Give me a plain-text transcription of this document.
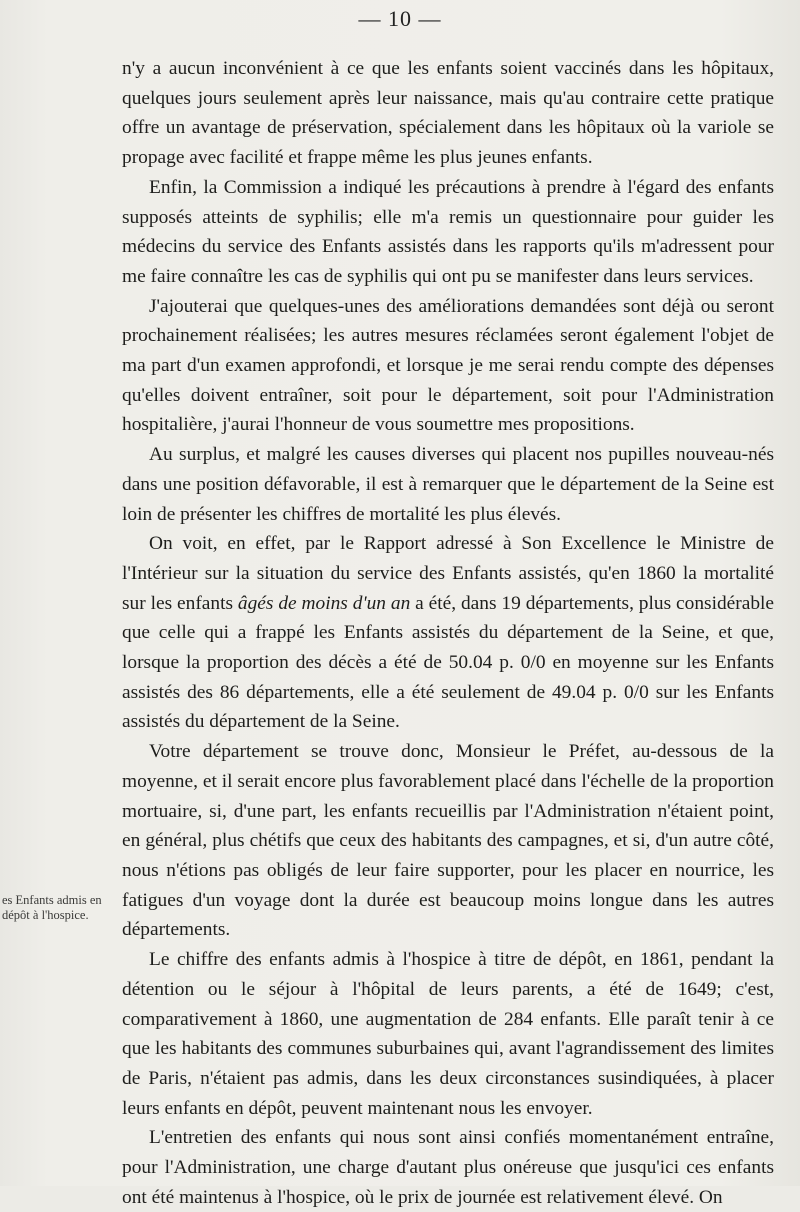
— 10 —
es Enfants admis en dépôt à l'hospice.

n'y a aucun inconvénient à ce que les enfants soient vaccinés dans les hôpitaux, quelques jours seulement après leur naissance, mais qu'au contraire cette pratique offre un avantage de préservation, spécialement dans les hôpitaux où la variole se propage avec facilité et frappe même les plus jeunes enfants.

Enfin, la Commission a indiqué les précautions à prendre à l'égard des enfants supposés atteints de syphilis; elle m'a remis un questionnaire pour guider les médecins du service des Enfants assistés dans les rapports qu'ils m'adressent pour me faire connaître les cas de syphilis qui ont pu se manifester dans leurs services.

J'ajouterai que quelques-unes des améliorations demandées sont déjà ou seront prochainement réalisées; les autres mesures réclamées seront également l'objet de ma part d'un examen approfondi, et lorsque je me serai rendu compte des dépenses qu'elles doivent entraîner, soit pour le département, soit pour l'Administration hospitalière, j'aurai l'honneur de vous soumettre mes propositions.

Au surplus, et malgré les causes diverses qui placent nos pupilles nouveau-nés dans une position défavorable, il est à remarquer que le département de la Seine est loin de présenter les chiffres de mortalité les plus élevés.

On voit, en effet, par le Rapport adressé à Son Excellence le Ministre de l'Intérieur sur la situation du service des Enfants assistés, qu'en 1860 la mortalité sur les enfants âgés de moins d'un an a été, dans 19 départements, plus considérable que celle qui a frappé les Enfants assistés du département de la Seine, et que, lorsque la proportion des décès a été de 50.04 p. 0/0 en moyenne sur les Enfants assistés des 86 départements, elle a été seulement de 49.04 p. 0/0 sur les Enfants assistés du département de la Seine.

Votre département se trouve donc, Monsieur le Préfet, au-dessous de la moyenne, et il serait encore plus favorablement placé dans l'échelle de la proportion mortuaire, si, d'une part, les enfants recueillis par l'Administration n'étaient point, en général, plus chétifs que ceux des habitants des campagnes, et si, d'un autre côté, nous n'étions pas obligés de leur faire supporter, pour les placer en nourrice, les fatigues d'un voyage dont la durée est beaucoup moins longue dans les autres départements.

Le chiffre des enfants admis à l'hospice à titre de dépôt, en 1861, pendant la détention ou le séjour à l'hôpital de leurs parents, a été de 1649; c'est, comparativement à 1860, une augmentation de 284 enfants. Elle paraît tenir à ce que les habitants des communes suburbaines qui, avant l'agrandissement des limites de Paris, n'étaient pas admis, dans les deux circonstances susindiquées, à placer leurs enfants en dépôt, peuvent maintenant nous les envoyer.

L'entretien des enfants qui nous sont ainsi confiés momentanément entraîne, pour l'Administration, une charge d'autant plus onéreuse que jusqu'ici ces enfants ont été maintenus à l'hospice, où le prix de journée est relativement élevé. On
